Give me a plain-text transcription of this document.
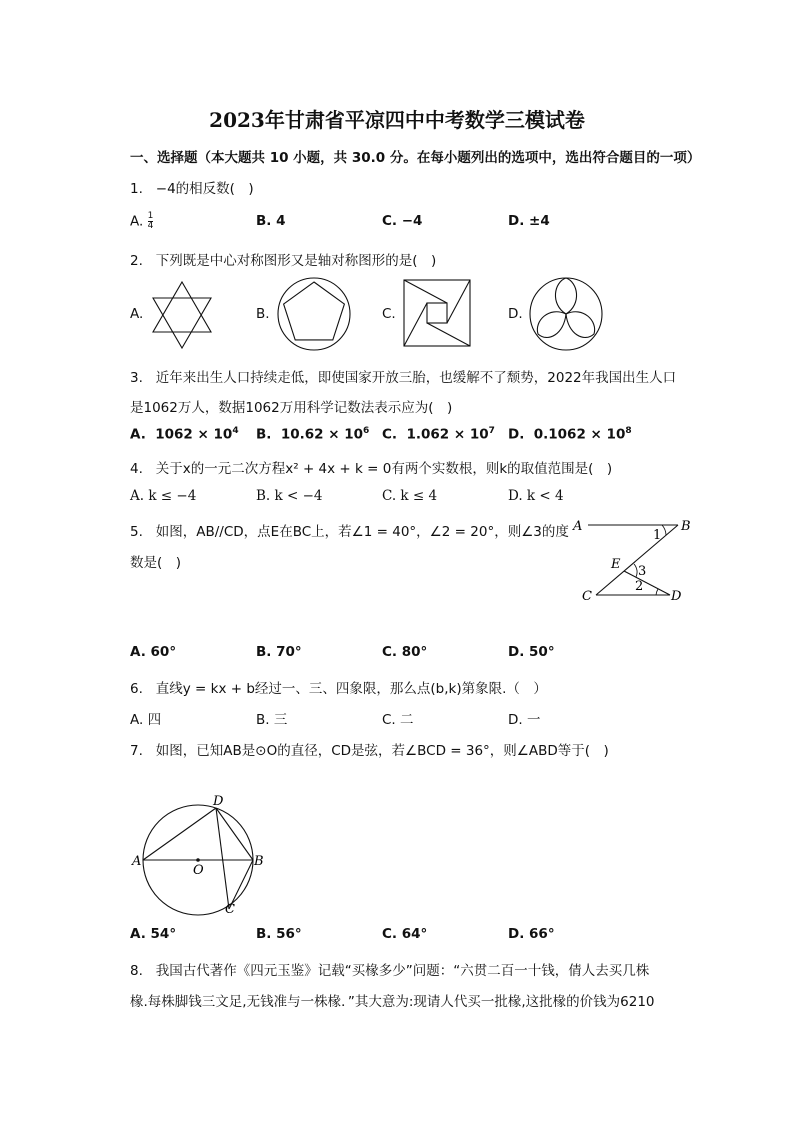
2023年甘肃省平凉四中中考数学三模试卷
一、选择题（本大题共 10 小题，共 30.0 分。在每小题列出的选项中，选出符合题目的一项）
1. −4的相反数(　)
A. $\frac{1}{4}$	B. 4	C. −4	D. ±4
2. 下列既是中心对称图形又是轴对称图形的是(　)
A.	B.	C.	D.
3. 近年来出生人口持续走低，即使国家开放三胎，也缓解不了颓势，2022年我国出生人口
是1062万人，数据1062万用科学记数法表示应为(　)
A. $1062 \times 10^4$ B. $10.62 \times 10^6$ C. $1.062 \times 10^7$ D. $0.1062 \times 10^8$
4. 关于x的一元二次方程x² + 4x + k = 0有两个实数根，则k的取值范围是(　)
A. k ≤ −4	B. k < −4	C. k ≤ 4	D. k < 4
5. 如图，AB//CD，点E在BC上，若∠1 = 40°，∠2 = 20°，则∠3的度
数是(　)
A	B
C	D
E
1
2
3
A. 60°	B. 70°	C. 80°	D. 50°
6. 直线y = kx + b经过一、三、四象限，那么点(b,k)第象限.（　）
A. 四	B. 三	C. 二	D. 一
7. 如图，已知AB是⊙O的直径，CD是弦，若∠BCD = 36°，则∠ABD等于(　)
D
A	B
O
C
A. 54°	B. 56°	C. 64°	D. 66°
8. 我国古代著作《四元玉鉴》记载“买椽多少”问题：“六贯二百一十钱，倩人去买几株
椽.每株脚钱三文足,无钱准与一株椽．”其大意为:现请人代买一批椽,这批椽的价钱为6210
